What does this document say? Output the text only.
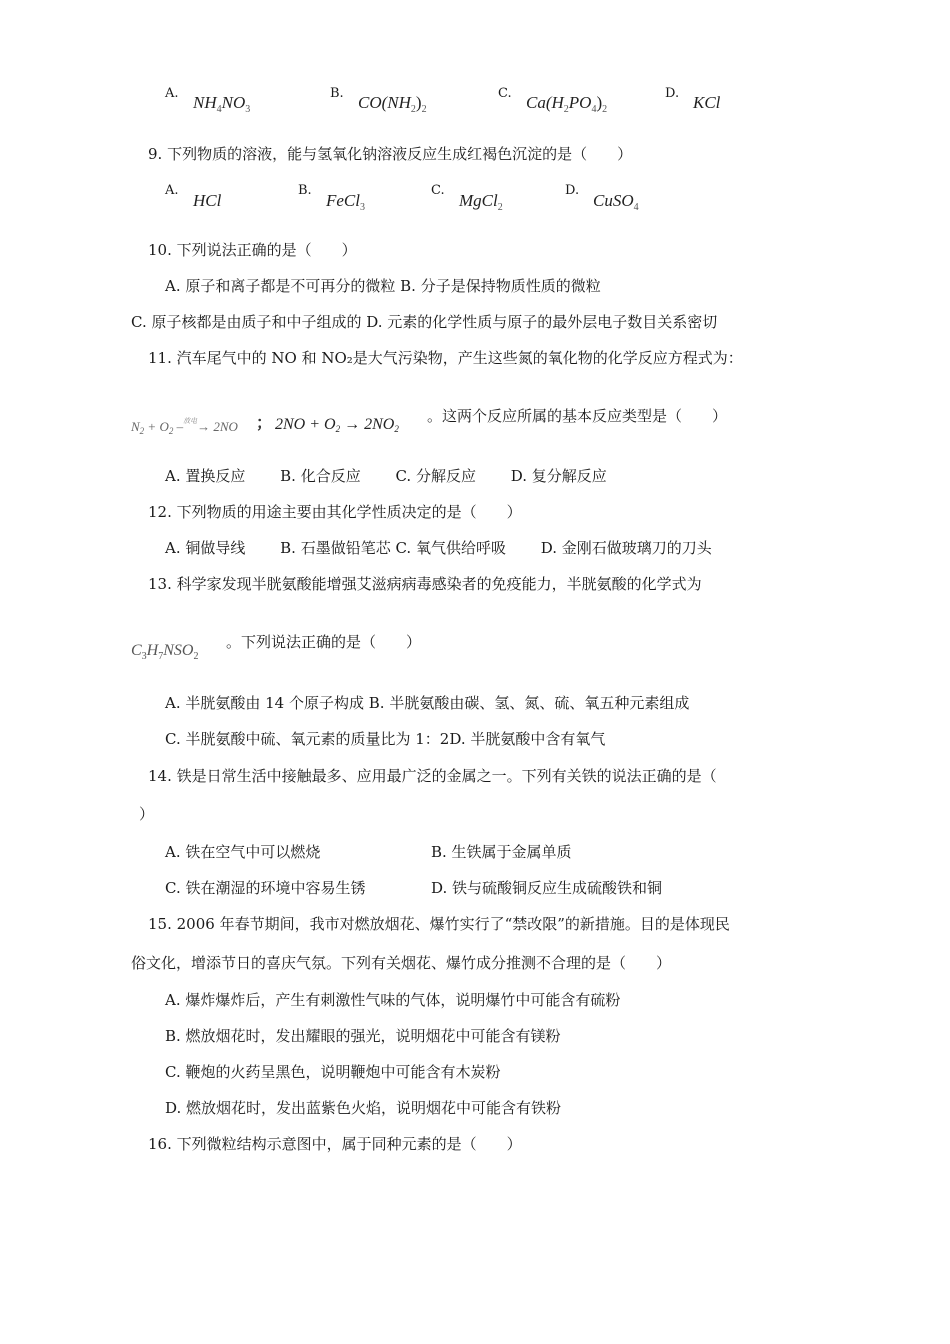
A. $NH_4NO_3$
B. $CO(NH_2)_2$
C. $Ca(H_2PO_4)_2$
D. KCl
9. 下列物质的溶液，能与氢氧化钠溶液反应生成红褐色沉淀的是（　　）
A.
HCl
B.
FeCl$_3$
C.
MgCl$_2$
D.
CuSO$_4$
10. 下列说法正确的是（　　）
A. 原子和离子都是不可再分的微粒 B. 分子是保持物质性质的微粒
C. 原子核都是由质子和中子组成的 D. 元素的化学性质与原子的最外层电子数目关系密切
11. 汽车尾气中的 NO 和 NO₂是大气污染物，产生这些氮的氧化物的化学反应方程式为：
$N_2 + O_2$ –$^{放电}$→ 2NO ； $2NO + O_2 \to 2NO_2$
。这两个反应所属的基本反应类型是（　　）
A. 置换反应　　 B. 化合反应　　 C. 分解反应　　 D. 复分解反应
12. 下列物质的用途主要由其化学性质决定的是（　　）
A. 铜做导线　　 B. 石墨做铅笔芯 C. 氧气供给呼吸　　 D. 金刚石做玻璃刀的刀头
13. 科学家发现半胱氨酸能增强艾滋病病毒感染者的免疫能力，半胱氨酸的化学式为
$C_3H_7NSO_2$
。下列说法正确的是（　　）
A. 半胱氨酸由 14 个原子构成 B. 半胱氨酸由碳、氢、氮、硫、氧五种元素组成
C. 半胱氨酸中硫、氧元素的质量比为 1：2D. 半胱氨酸中含有氧气
14. 铁是日常生活中接触最多、应用最广泛的金属之一。下列有关铁的说法正确的是（
）
A. 铁在空气中可以燃烧	B. 生铁属于金属单质
C. 铁在潮湿的环境中容易生锈	D. 铁与硫酸铜反应生成硫酸铁和铜
15. 2006 年春节期间，我市对燃放烟花、爆竹实行了“禁改限”的新措施。目的是体现民
俗文化，增添节日的喜庆气氛。下列有关烟花、爆竹成分推测不合理的是（　　）
A. 爆炸爆炸后，产生有刺激性气味的气体，说明爆竹中可能含有硫粉
B. 燃放烟花时，发出耀眼的强光，说明烟花中可能含有镁粉
C. 鞭炮的火药呈黑色，说明鞭炮中可能含有木炭粉
D. 燃放烟花时，发出蓝紫色火焰，说明烟花中可能含有铁粉
16. 下列微粒结构示意图中，属于同种元素的是（　　）
